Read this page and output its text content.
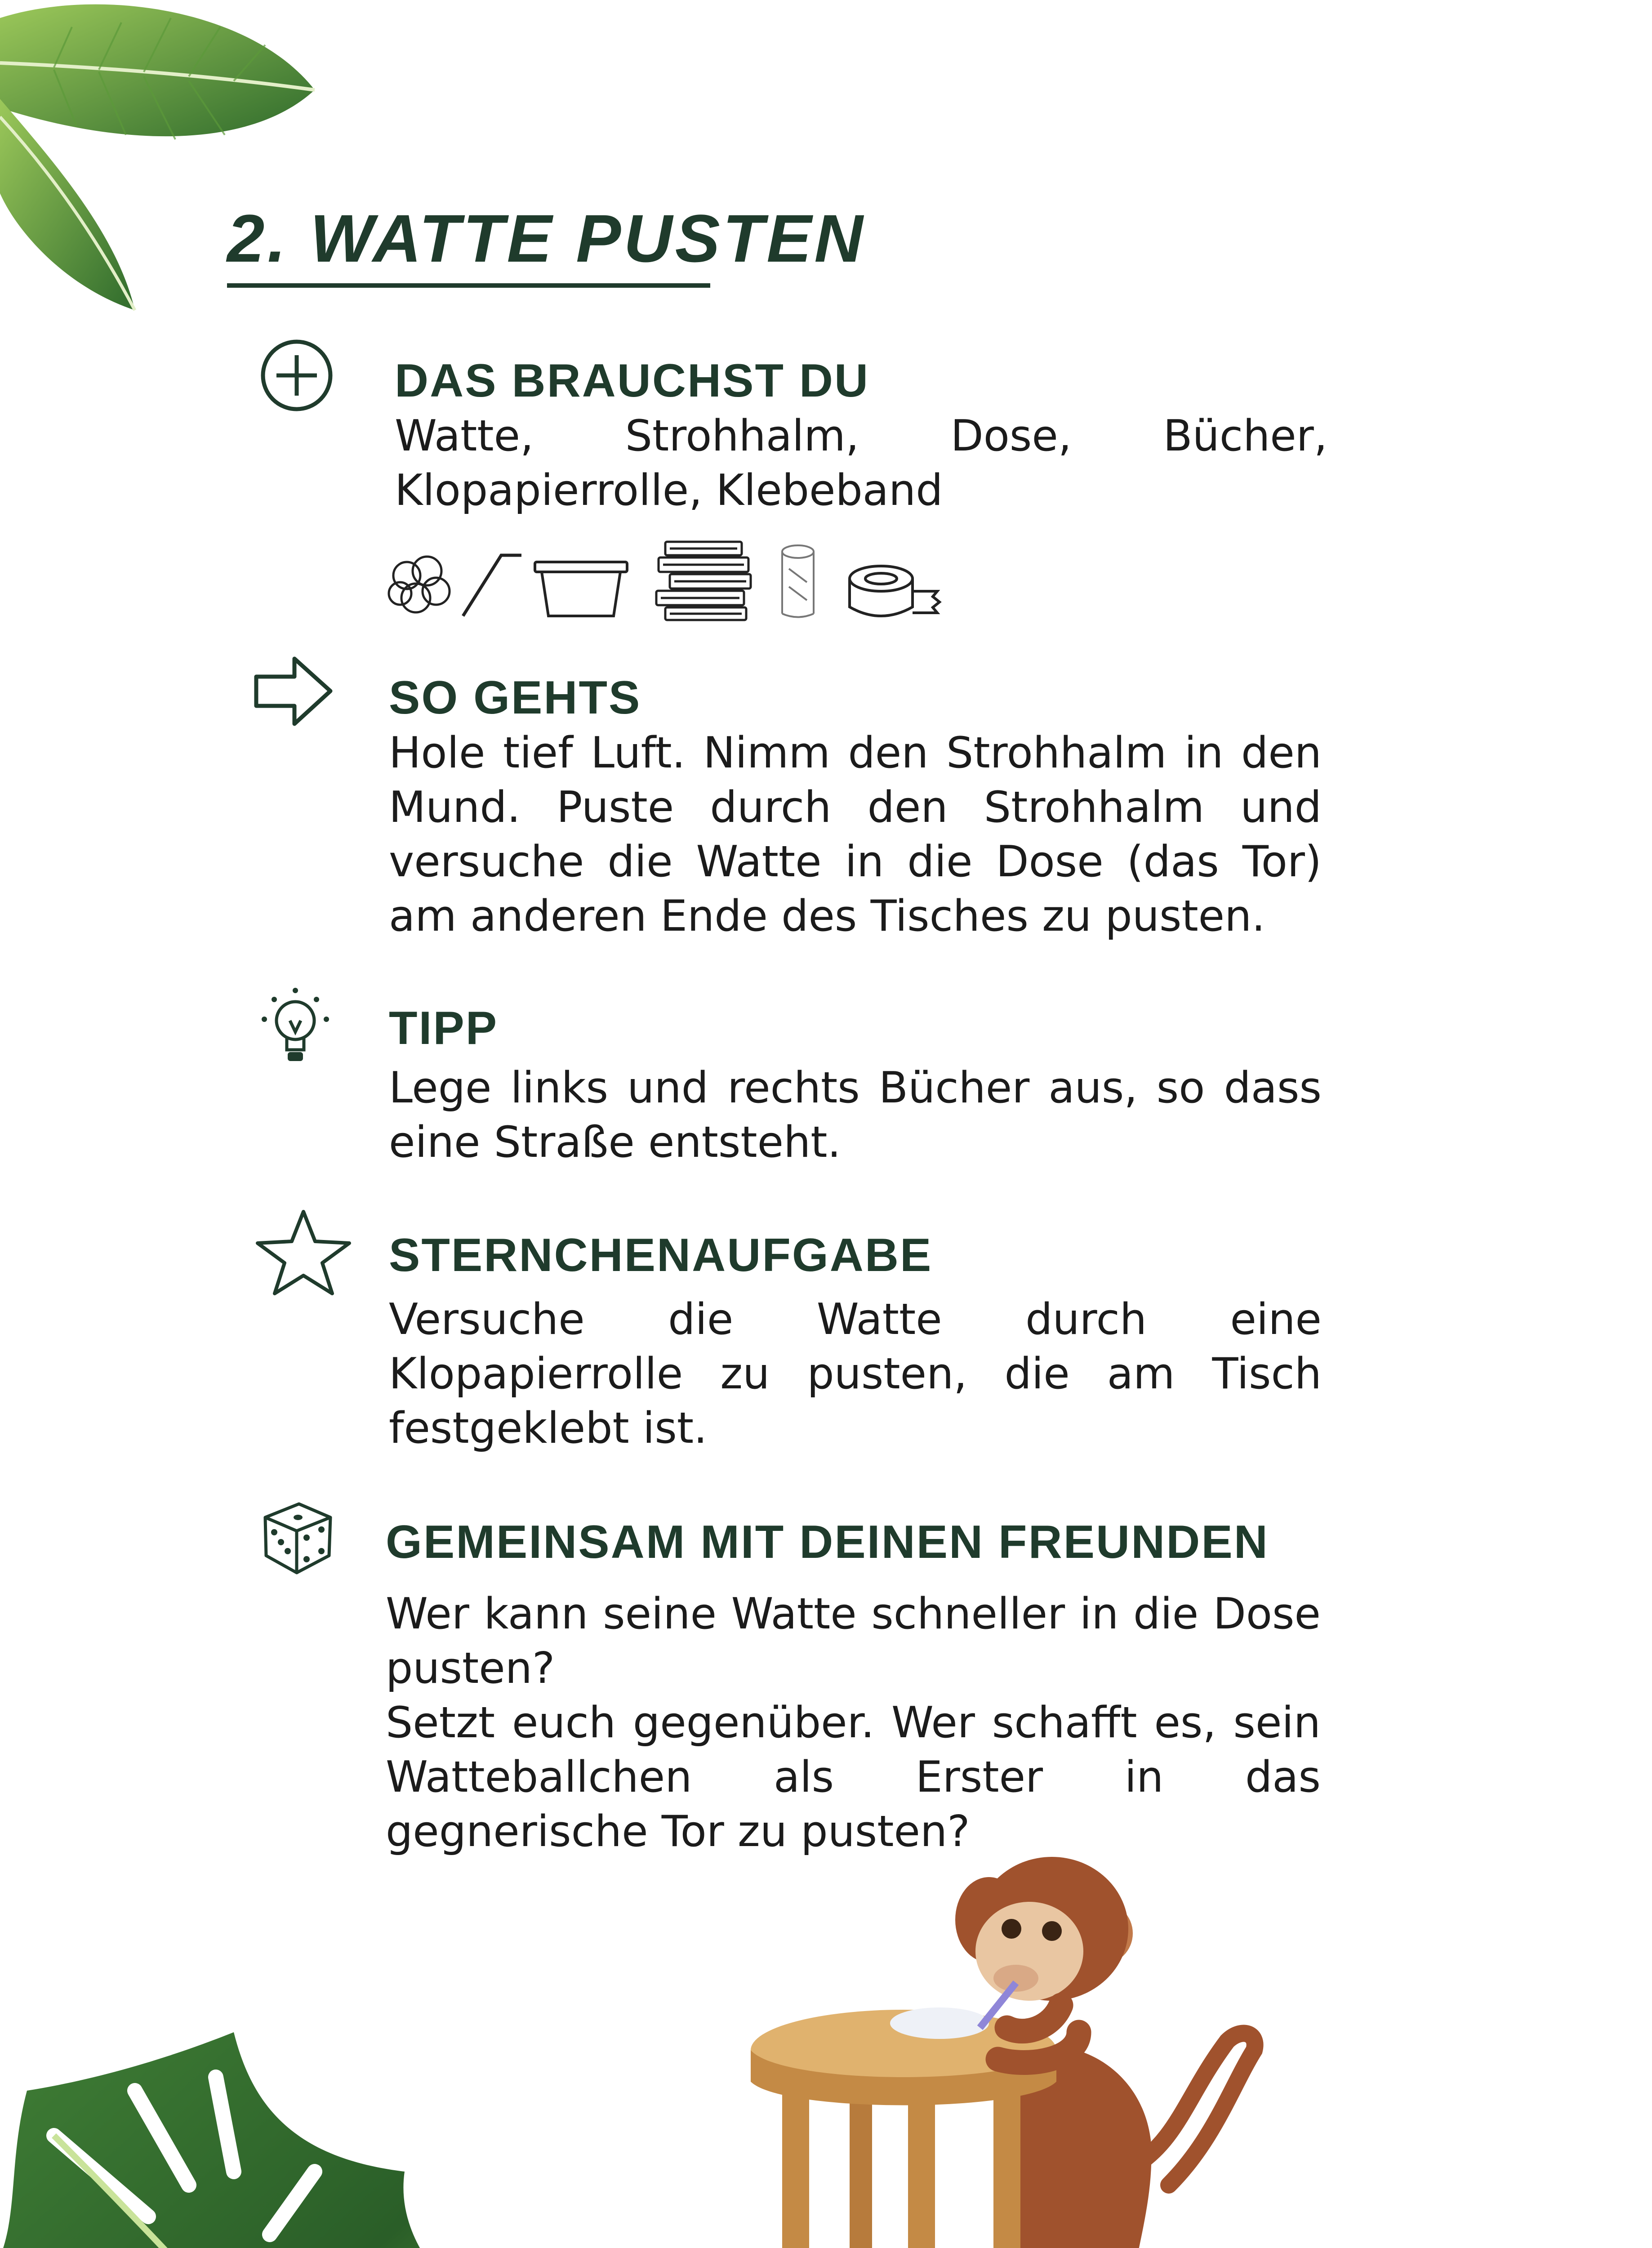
2. WATTE PUSTEN
DAS BRAUCHST DU
Watte, Strohhalm, Dose, Bücher, Klopapierrolle, Klebeband
SO GEHTS
Hole tief Luft. Nimm den Strohhalm in den Mund. Puste durch den Strohhalm und versuche die Watte in die Dose (das Tor) am anderen Ende des Tisches zu pusten.
TIPP
Lege links und rechts Bücher aus, so dass eine Straße entsteht.
STERNCHENAUFGABE
Versuche die Watte durch eine Klopapierrolle zu pusten, die am Tisch festgeklebt ist.
GEMEINSAM MIT DEINEN FREUNDEN

Wer kann seine Watte schneller in die Dose pusten?

Setzt euch gegenüber. Wer schafft es, sein Watteballchen als Erster in das gegnerische Tor zu pusten?
